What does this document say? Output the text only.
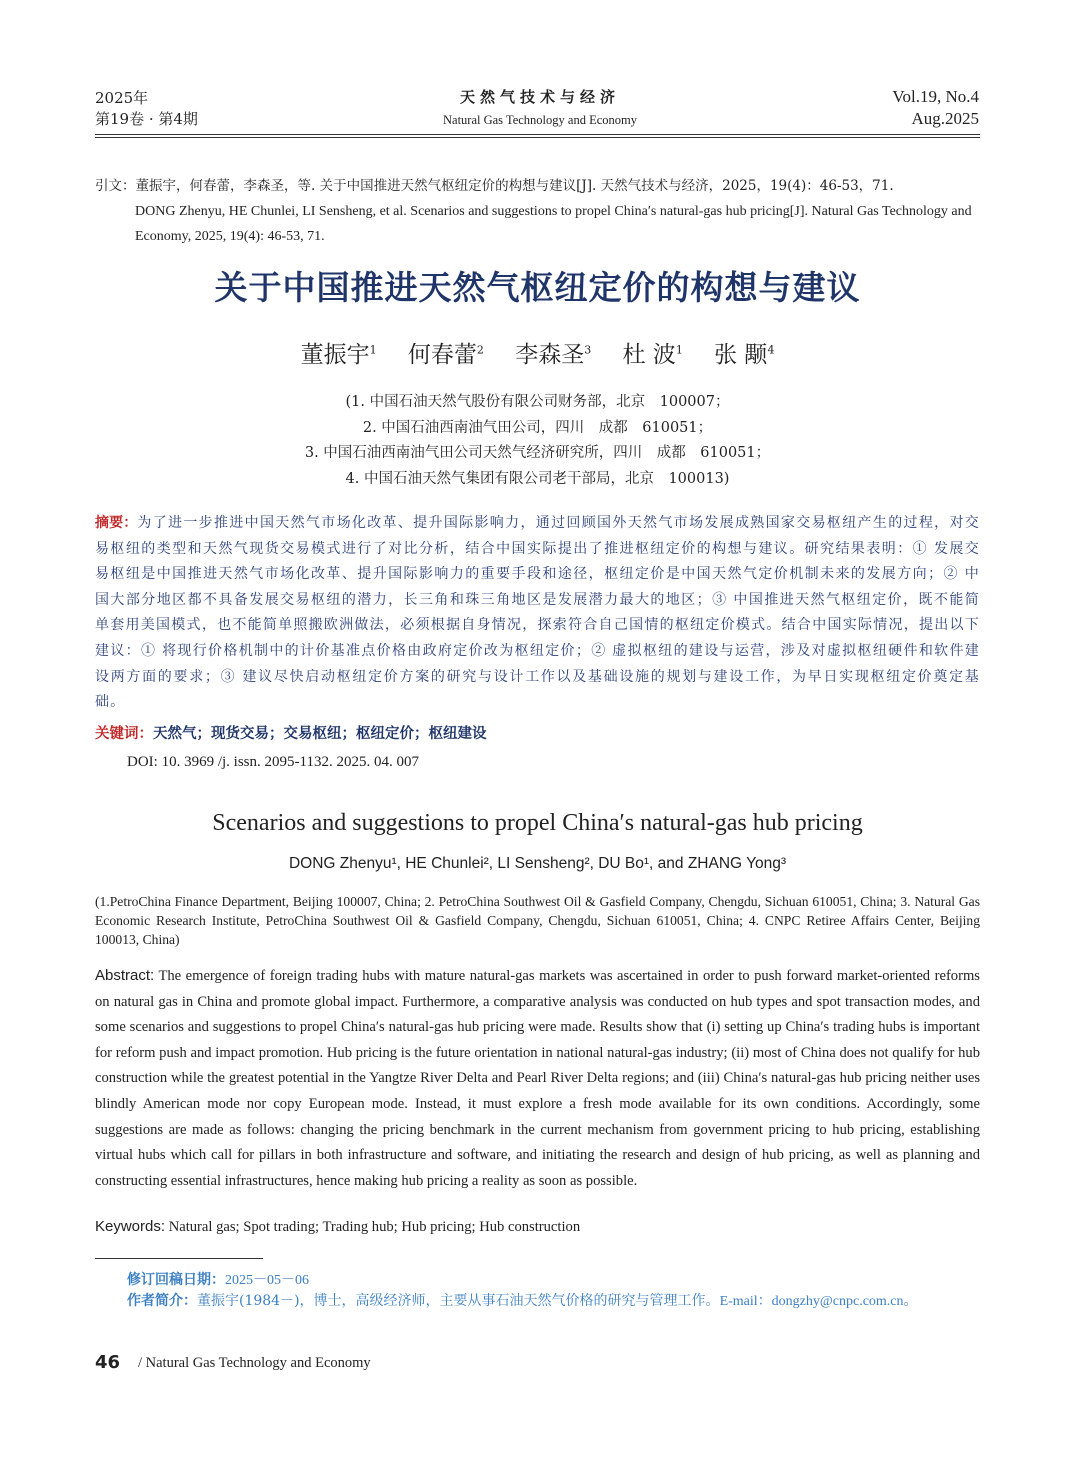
2025年
第19卷 · 第4期
天然气技术与经济
Natural Gas Technology and Economy
Vol.19, No.4
Aug.2025
引文：董振宇，何春蕾，李森圣，等. 关于中国推进天然气枢纽定价的构想与建议[J]. 天然气技术与经济，2025，19(4)：46-53，71.
DONG Zhenyu, HE Chunlei, LI Sensheng, et al. Scenarios and suggestions to propel China′s natural-gas hub pricing[J]. Natural Gas Technology and Economy, 2025, 19(4): 46-53, 71.
关于中国推进天然气枢纽定价的构想与建议
董振宇$^1$ 何春蕾$^2$ 李森圣$^3$ 杜 波$^1$ 张 颙$^4$
(1. 中国石油天然气股份有限公司财务部，北京　100007；
2. 中国石油西南油气田公司，四川　成都　610051；
3. 中国石油西南油气田公司天然气经济研究所，四川　成都　610051；
4. 中国石油天然气集团有限公司老干部局，北京　100013)
摘要：为了进一步推进中国天然气市场化改革、提升国际影响力，通过回顾国外天然气市场发展成熟国家交易枢纽产生的过程，对交易枢纽的类型和天然气现货交易模式进行了对比分析，结合中国实际提出了推进枢纽定价的构想与建议。研究结果表明：① 发展交易枢纽是中国推进天然气市场化改革、提升国际影响力的重要手段和途径，枢纽定价是中国天然气定价机制未来的发展方向；② 中国大部分地区都不具备发展交易枢纽的潜力，长三角和珠三角地区是发展潜力最大的地区；③ 中国推进天然气枢纽定价，既不能简单套用美国模式，也不能简单照搬欧洲做法，必须根据自身情况，探索符合自己国情的枢纽定价模式。结合中国实际情况，提出以下建议：① 将现行价格机制中的计价基准点价格由政府定价改为枢纽定价；② 虚拟枢纽的建设与运营，涉及对虚拟枢纽硬件和软件建设两方面的要求；③ 建议尽快启动枢纽定价方案的研究与设计工作以及基础设施的规划与建设工作，为早日实现枢纽定价奠定基础。
关键词：天然气；现货交易；交易枢纽；枢纽定价；枢纽建设
DOI: 10. 3969 /j. issn. 2095-1132. 2025. 04. 007
Scenarios and suggestions to propel China′s natural-gas hub pricing
DONG Zhenyu¹, HE Chunlei², LI Sensheng², DU Bo¹, and ZHANG Yong³
(1.PetroChina Finance Department, Beijing 100007, China; 2. PetroChina Southwest Oil & Gasfield Company, Chengdu, Sichuan 610051, China; 3. Natural Gas Economic Research Institute, PetroChina Southwest Oil & Gasfield Company, Chengdu, Sichuan 610051, China; 4. CNPC Retiree Affairs Center, Beijing 100013, China)
Abstract: The emergence of foreign trading hubs with mature natural-gas markets was ascertained in order to push forward market-oriented reforms on natural gas in China and promote global impact. Furthermore, a comparative analysis was conducted on hub types and spot transaction modes, and some scenarios and suggestions to propel China′s natural-gas hub pricing were made. Results show that (i) setting up China′s trading hubs is important for reform push and impact promotion. Hub pricing is the future orientation in national natural-gas industry; (ii) most of China does not qualify for hub construction while the greatest potential in the Yangtze River Delta and Pearl River Delta regions; and (iii) China′s natural-gas hub pricing neither uses blindly American mode nor copy European mode. Instead, it must explore a fresh mode available for its own conditions. Accordingly, some suggestions are made as follows: changing the pricing benchmark in the current mechanism from government pricing to hub pricing, establishing virtual hubs which call for pillars in both infrastructure and software, and initiating the research and design of hub pricing, as well as planning and constructing essential infrastructures, hence making hub pricing a reality as soon as possible.
Keywords: Natural gas; Spot trading; Trading hub; Hub pricing; Hub construction
修订回稿日期：2025－05－06
作者简介：董振宇(1984－)，博士，高级经济师，主要从事石油天然气价格的研究与管理工作。E-mail：dongzhy@cnpc.com.cn。
46 / Natural Gas Technology and Economy
